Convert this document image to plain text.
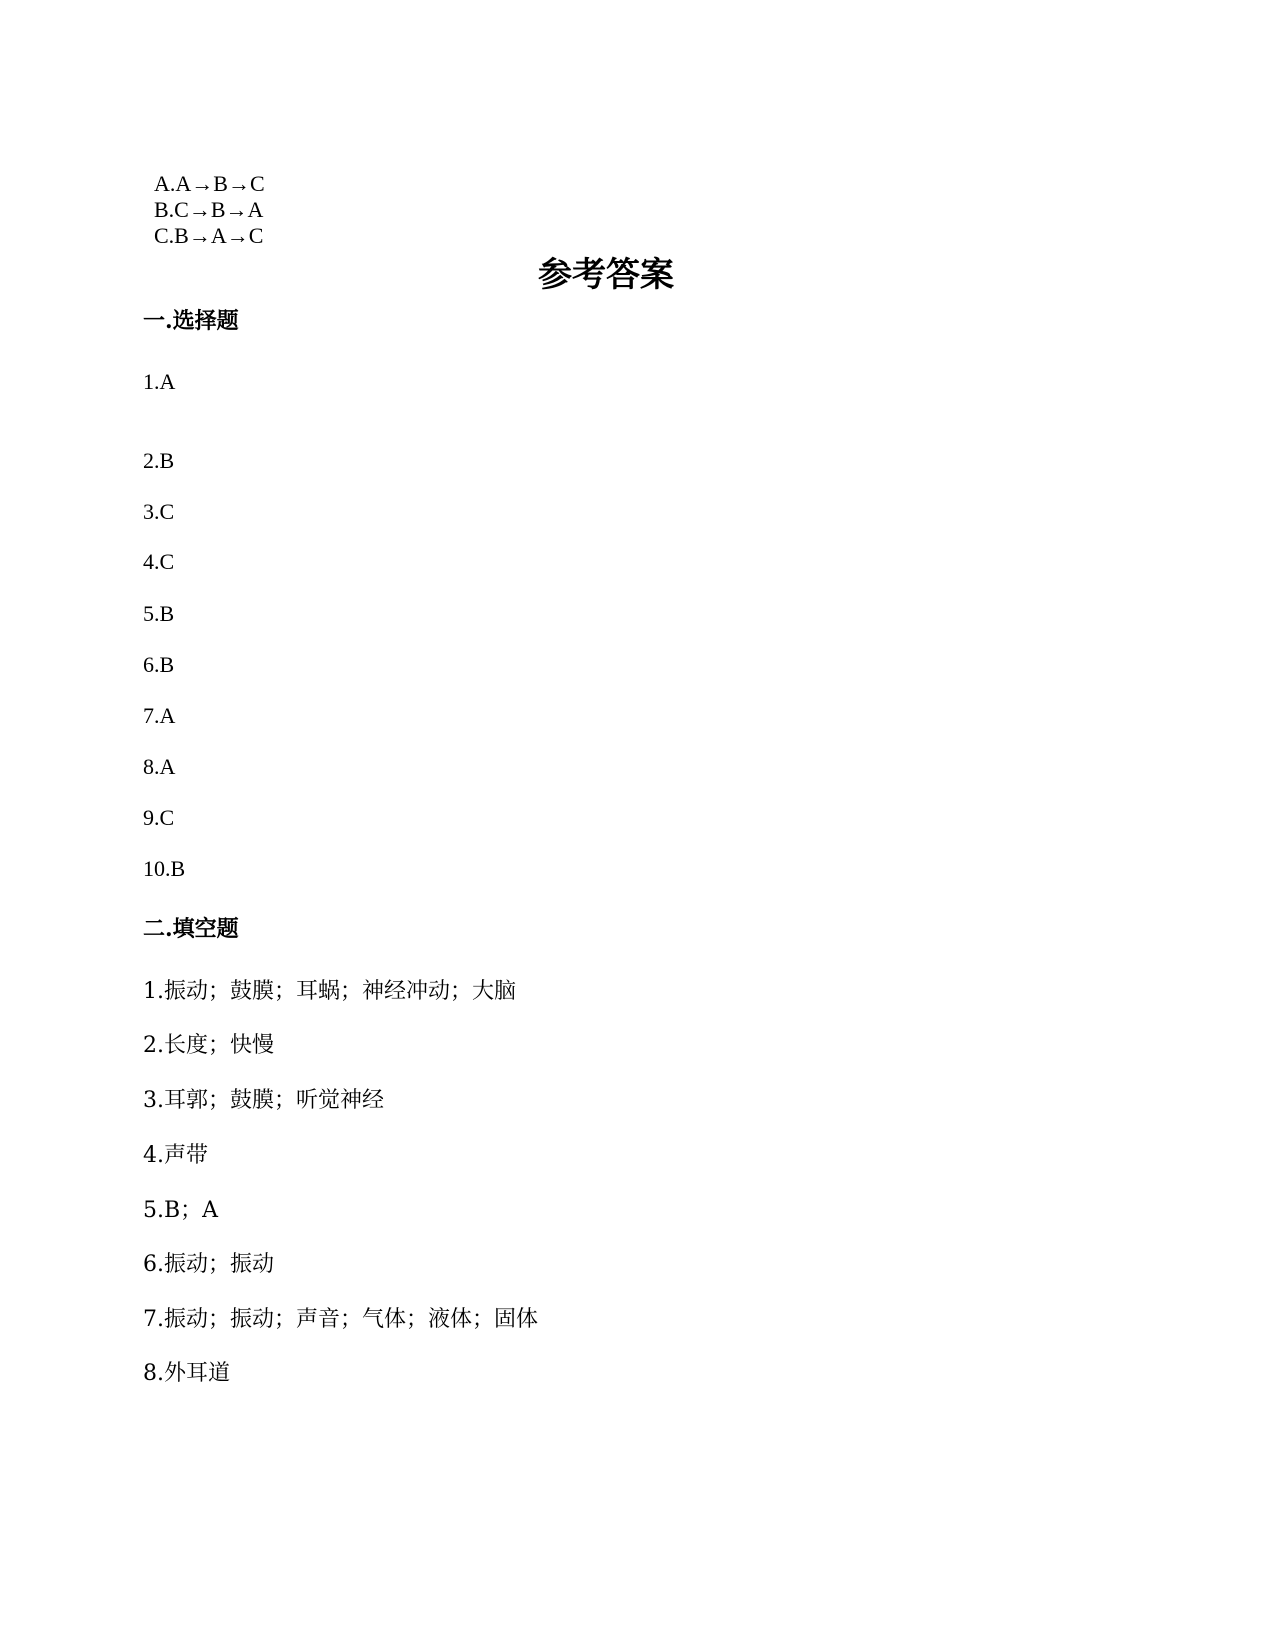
A.A→B→C
B.C→B→A
C.B→A→C

参考答案
一.选择题
1.A
2.B
3.C
4.C
5.B
6.B
7.A
8.A
9.C
10.B
二.填空题
1.振动；鼓膜；耳蜗；神经冲动；大脑
2.长度；快慢
3.耳郭；鼓膜；听觉神经
4.声带
5.B；A
6.振动；振动
7.振动；振动；声音；气体；液体；固体
8.外耳道
